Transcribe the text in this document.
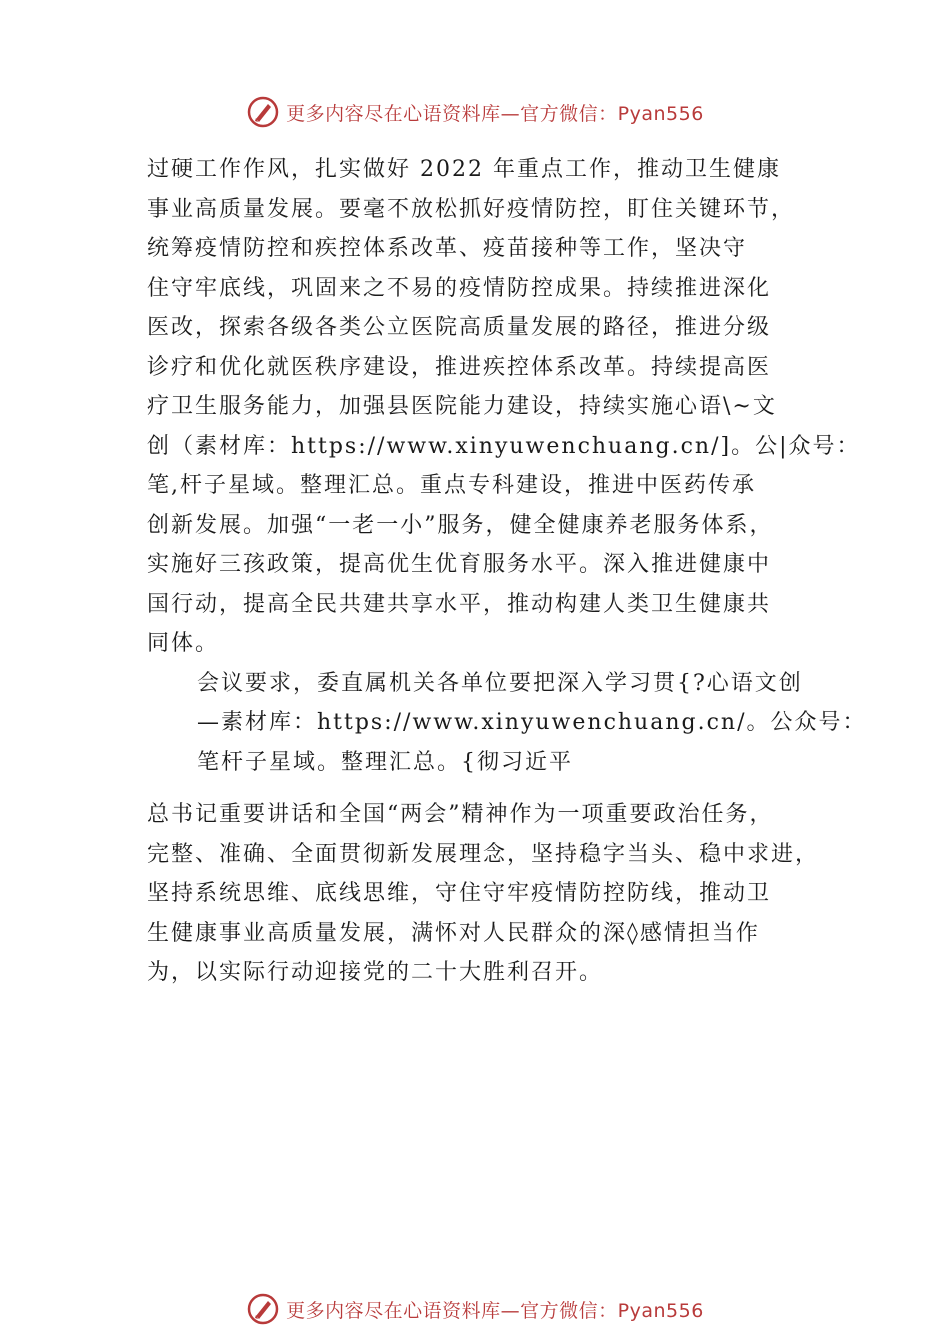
更多内容尽在心语资料库—官方微信：Pyan556
过硬工作作风，扎实做好 2022 年重点工作，推动卫生健康
事业高质量发展。要毫不放松抓好疫情防控，盯住关键环节，
统筹疫情防控和疾控体系改革、疫苗接种等工作，坚决守
住守牢底线，巩固来之不易的疫情防控成果。持续推进深化
医改，探索各级各类公立医院高质量发展的路径，推进分级
诊疗和优化就医秩序建设，推进疾控体系改革。持续提高医
疗卫生服务能力，加强县医院能力建设，持续实施心语\~文
创（素材库：https://www.xinyuwenchuang.cn/]。公|众号：
笔,杆子星域。整理汇总。重点专科建设，推进中医药传承
创新发展。加强“一老一小”服务，健全健康养老服务体系，
实施好三孩政策，提高优生优育服务水平。深入推进健康中
国行动，提高全民共建共享水平，推动构建人类卫生健康共
同体。
会议要求，委直属机关各单位要把深入学习贯{?心语文创
—素材库：https://www.xinyuwenchuang.cn/。公众号：
笔杆子星域。整理汇总。{彻习近平
总书记重要讲话和全国“两会”精神作为一项重要政治任务，
完整、准确、全面贯彻新发展理念，坚持稳字当头、稳中求进，
坚持系统思维、底线思维，守住守牢疫情防控防线，推动卫
生健康事业高质量发展，满怀对人民群众的深◊感情担当作
为，以实际行动迎接党的二十大胜利召开。
更多内容尽在心语资料库—官方微信：Pyan556
